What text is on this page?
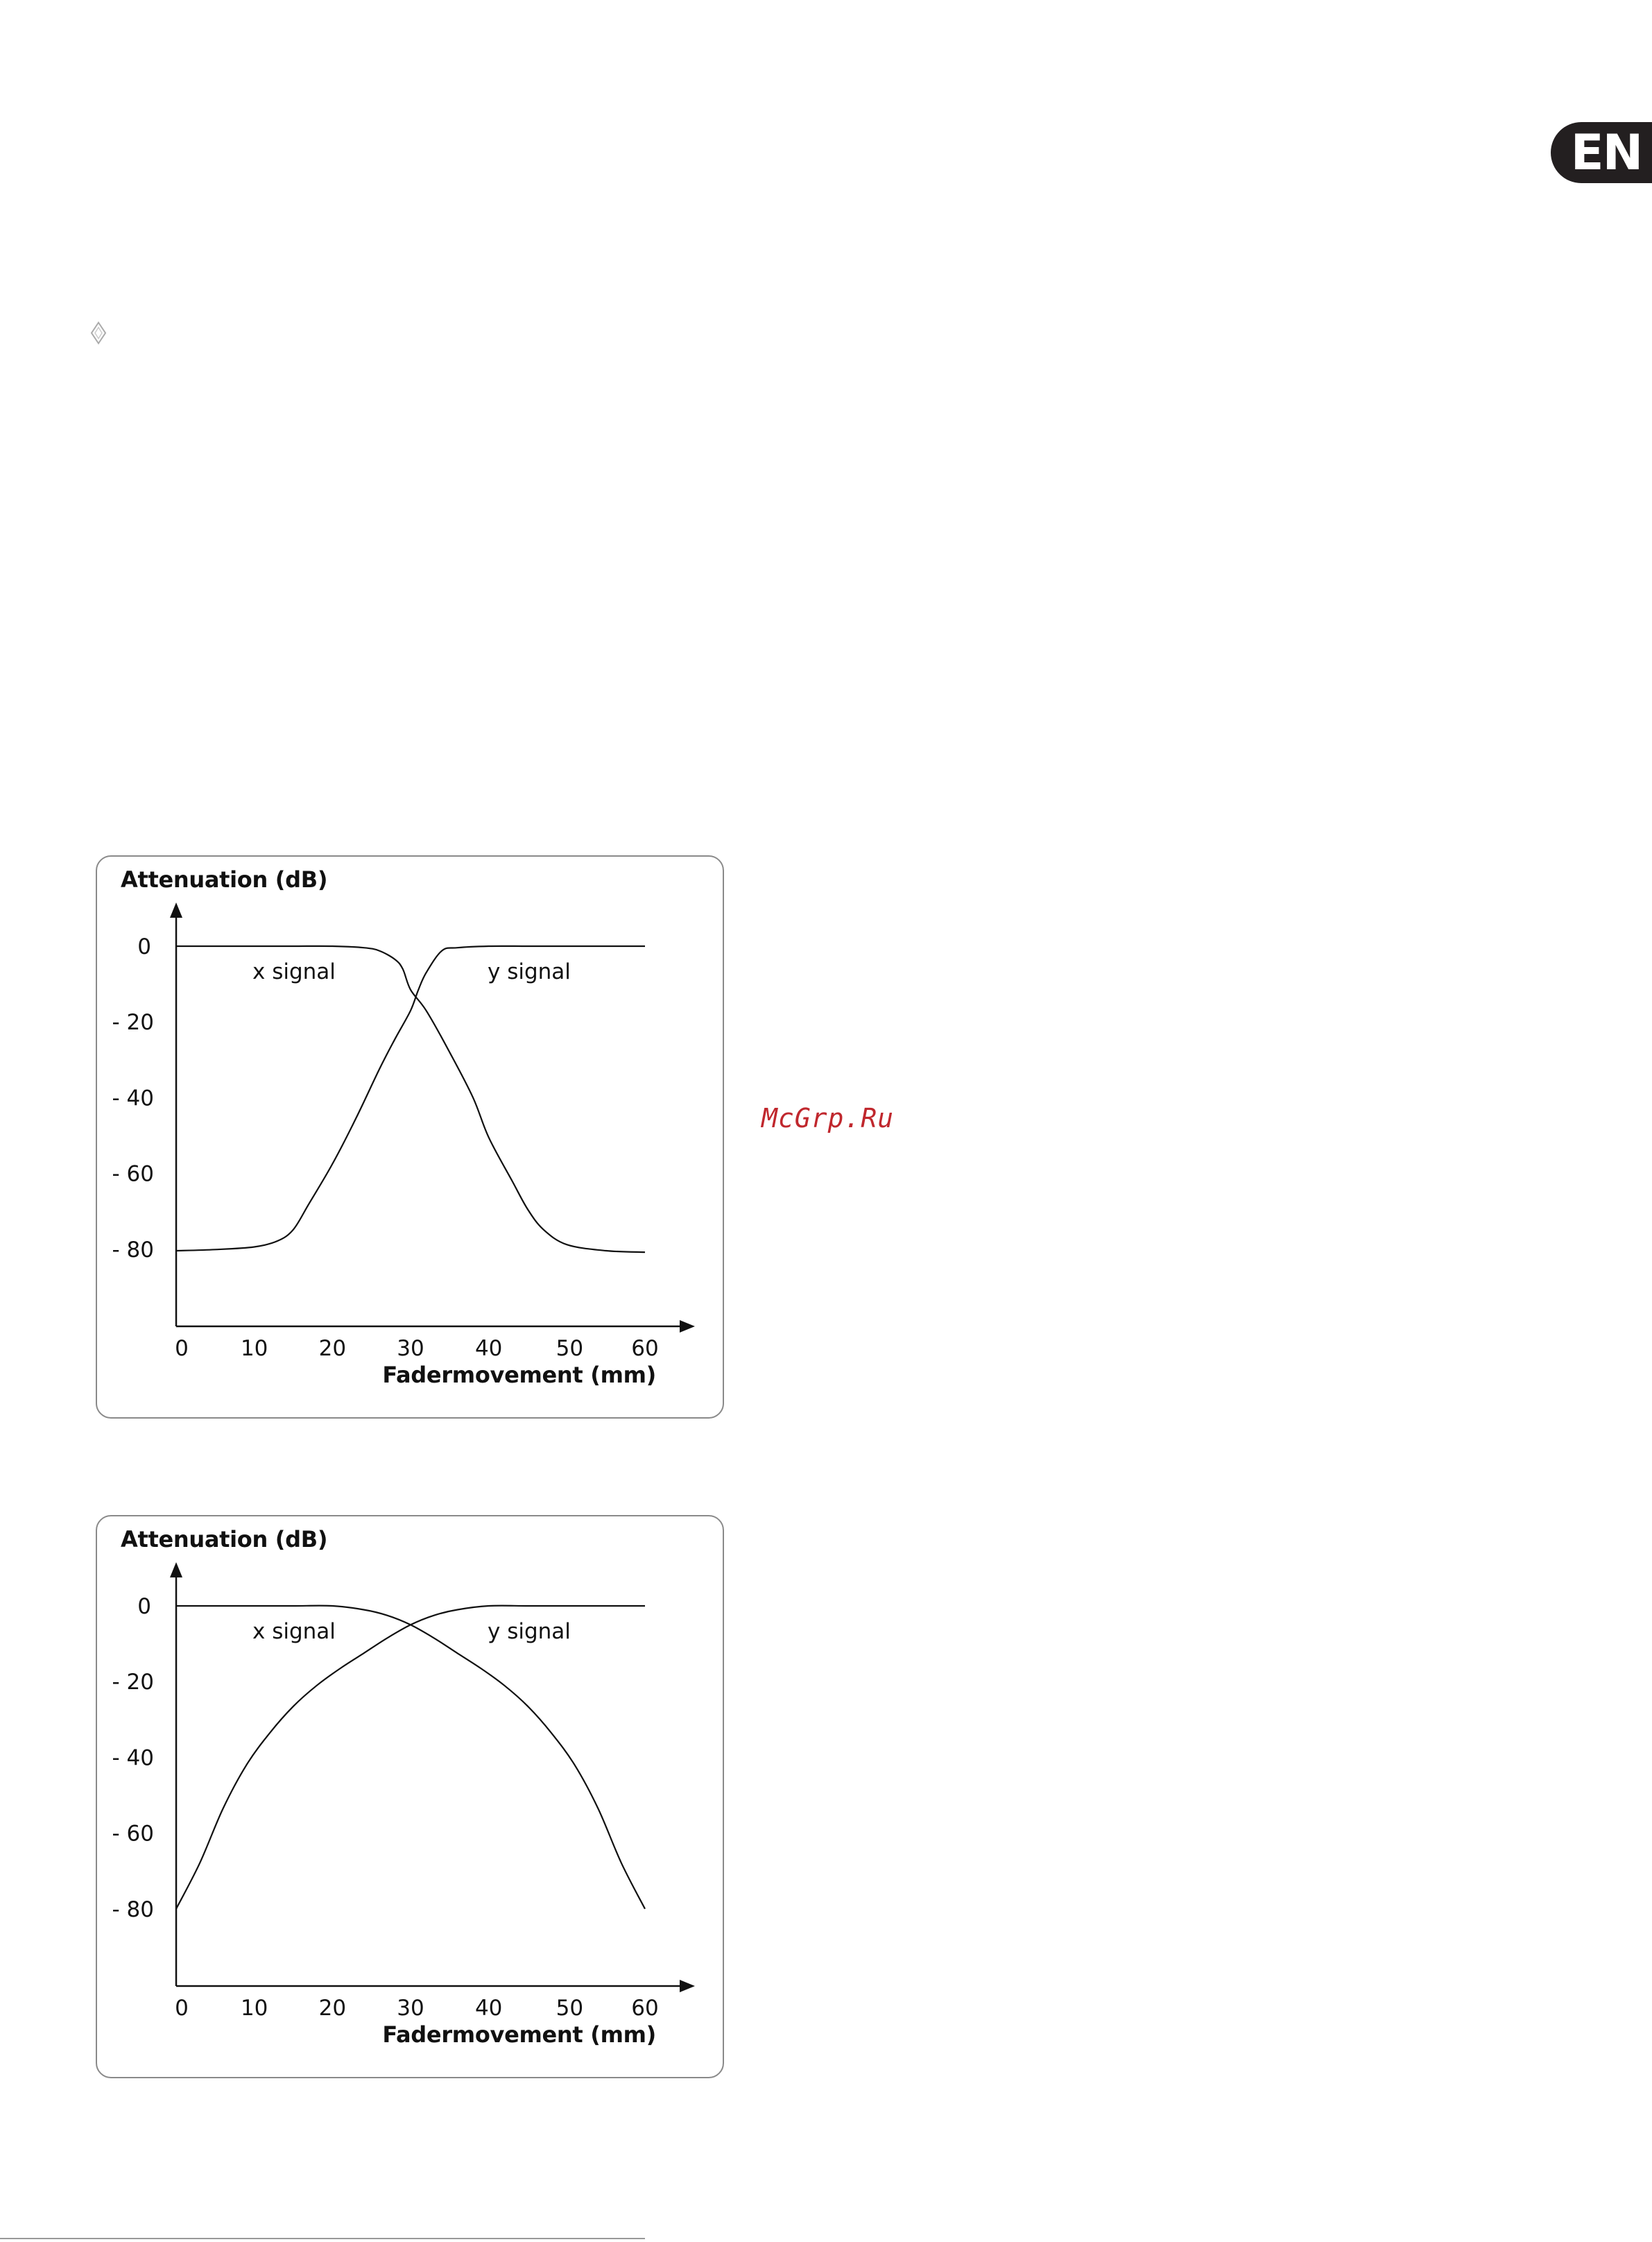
EN
McGrp.Ru
Attenuation (dB)
Fadermovement (mm)
0
- 20
- 40
- 60
- 80
0 10 20 30 40 50 60
x signal	y signal
Attenuation (dB)
Fadermovement (mm)
0
- 20
- 40
- 60
- 80
0 10 20 30 40 50 60
x signal	y signal
